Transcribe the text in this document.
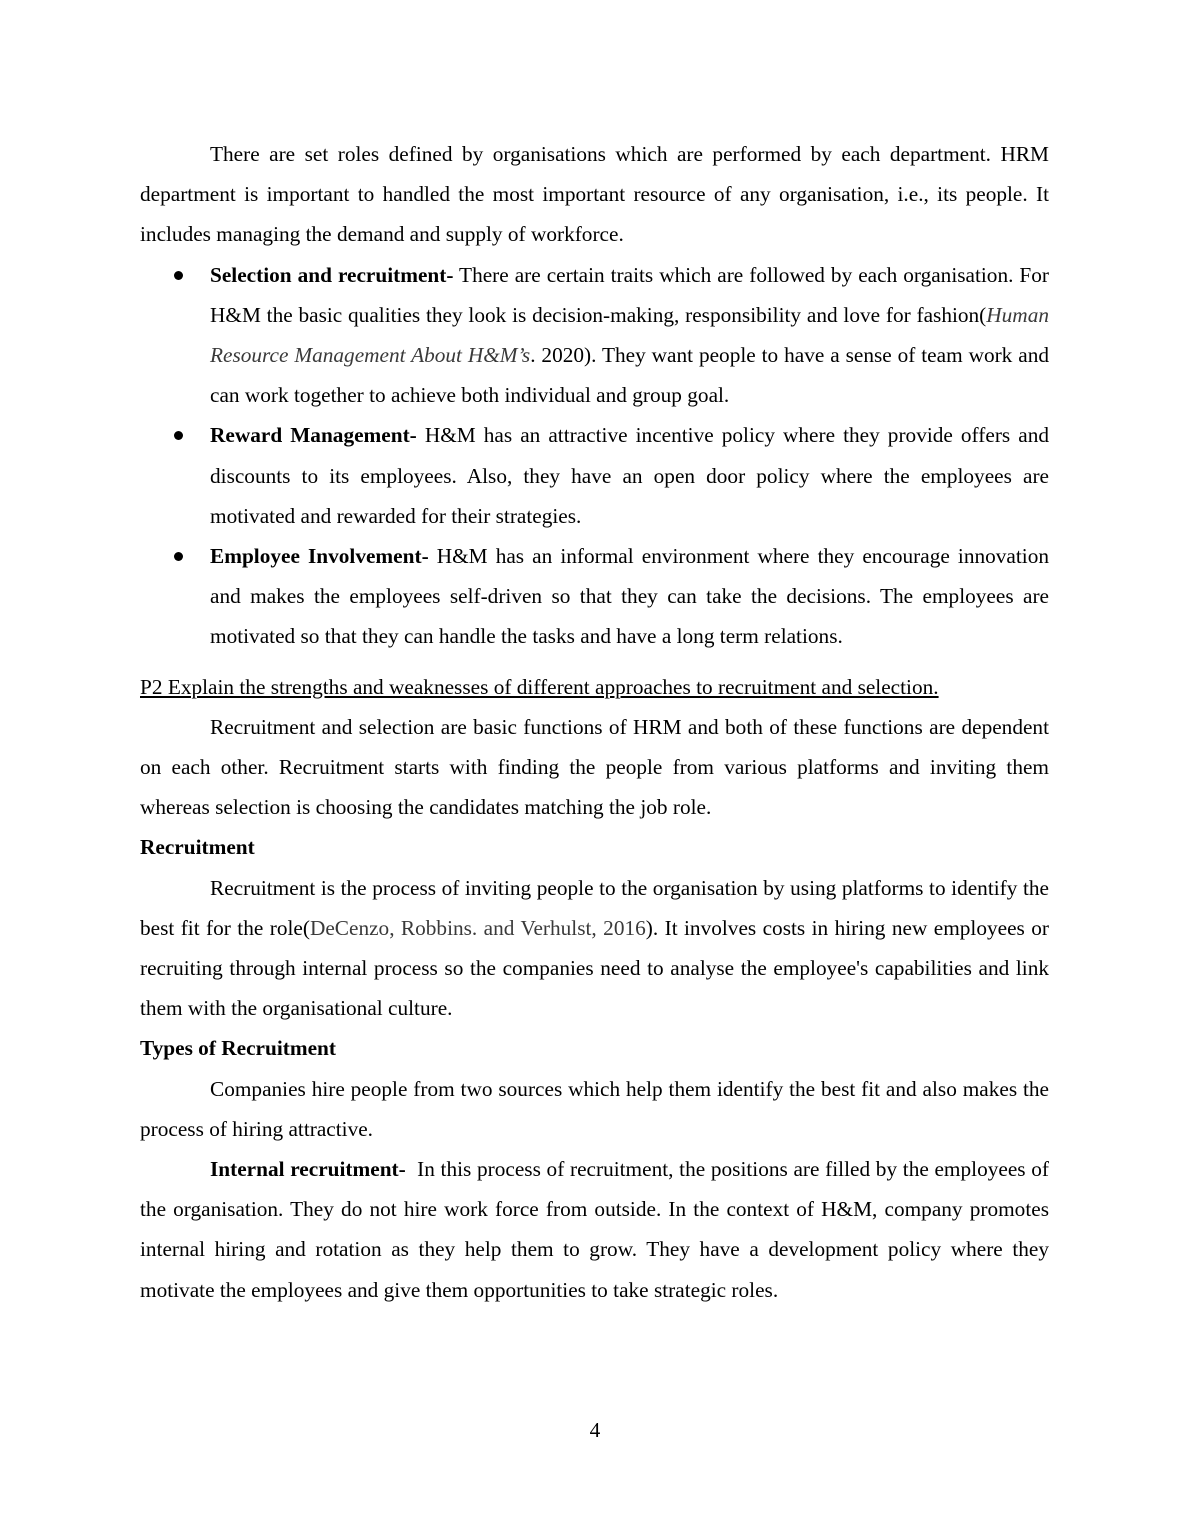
There are set roles defined by organisations which are performed by each department. HRM department is important to handled the most important resource of any organisation, i.e., its people. It includes managing the demand and supply of workforce.

Selection and recruitment- There are certain traits which are followed by each organisation. For H&M the basic qualities they look is decision-making, responsibility and love for fashion(Human Resource Management About H&M’s. 2020). They want people to have a sense of team work and can work together to achieve both individual and group goal.
Reward Management- H&M has an attractive incentive policy where they provide offers and discounts to its employees. Also, they have an open door policy where the employees are motivated and rewarded for their strategies.
Employee Involvement- H&M has an informal environment where they encourage innovation and makes the employees self-driven so that they can take the decisions. The employees are motivated so that they can handle the tasks and have a long term relations.

P2 Explain the strengths and weaknesses of different approaches to recruitment and selection.

Recruitment and selection are basic functions of HRM and both of these functions are dependent on each other. Recruitment starts with finding the people from various platforms and inviting them whereas selection is choosing the candidates matching the job role.

Recruitment

Recruitment is the process of inviting people to the organisation by using platforms to identify the best fit for the role(DeCenzo, Robbins. and Verhulst, 2016). It involves costs in hiring new employees or recruiting through internal process so the companies need to analyse the employee's capabilities and link them with the organisational culture.

Types of Recruitment

Companies hire people from two sources which help them identify the best fit and also makes the process of hiring attractive.

Internal recruitment-  In this process of recruitment, the positions are filled by the employees of the organisation. They do not hire work force from outside. In the context of H&M, company promotes internal hiring and rotation as they help them to grow. They have a development policy where they motivate the employees and give them opportunities to take strategic roles.

4
